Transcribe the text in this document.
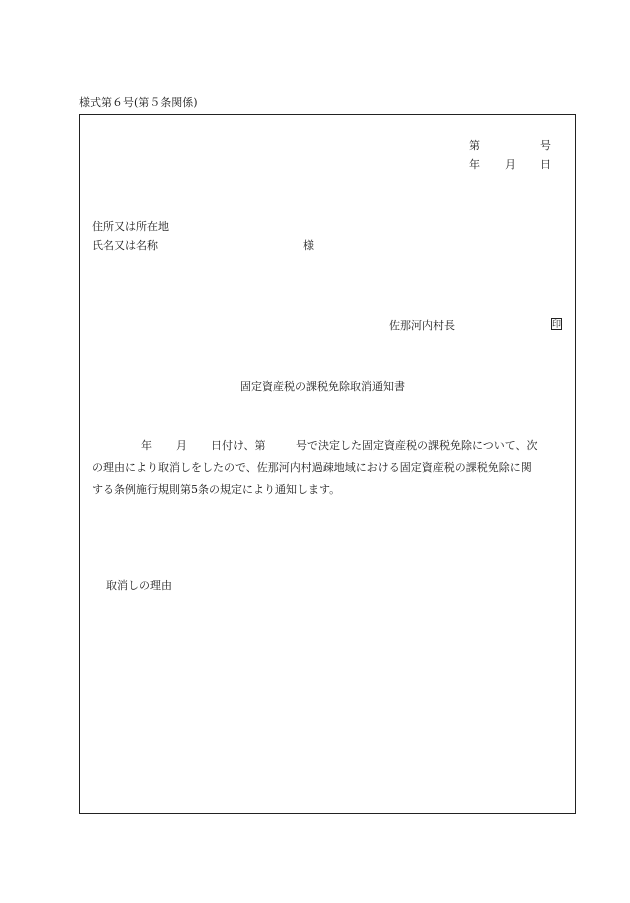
様式第６号(第５条関係)
第	号
年 月 日
住所又は所在地
氏名又は名称	様
佐那河内村長	印
固定資産税の課税免除取消通知書
年 月 日付け、第	号で決定した固定資産税の課税免除について、次
の理由により取消しをしたので、佐那河内村過疎地域における固定資産税の課税免除に関
する条例施行規則第5条の規定により通知します。
取消しの理由
